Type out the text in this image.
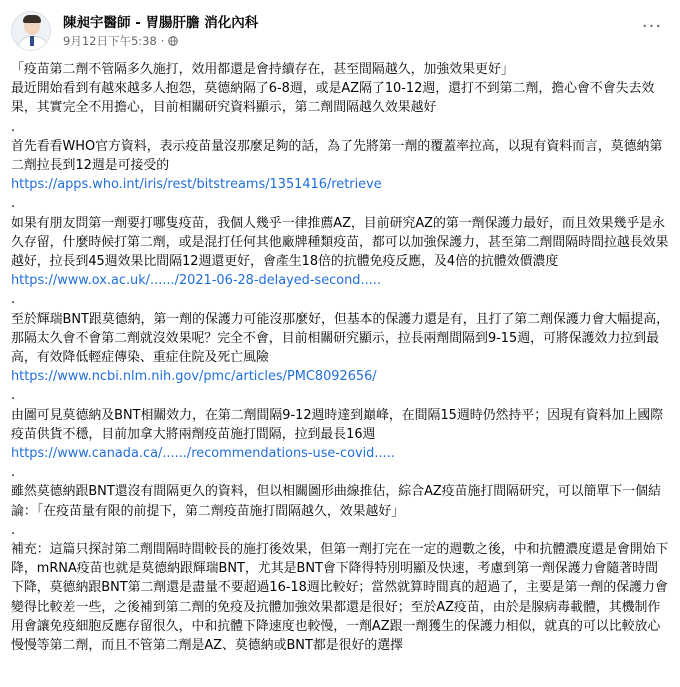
陳昶宇醫師 - 胃腸肝膽 消化內科
9月12日下午5:38 ·
···

「疫苗第二劑不管隔多久施打，效用都還是會持續存在，甚至間隔越久，加強效果更好」

最近開始看到有越來越多人抱怨，莫德納隔了6-8週，或是AZ隔了10-12週，還打不到第二劑，擔心會不會失去效果，其實完全不用擔心，目前相關研究資料顯示，第二劑間隔越久效果越好

.

首先看看WHO官方資料，表示疫苗量沒那麼足夠的話，為了先將第一劑的覆蓋率拉高，以現有資料而言，莫德納第二劑拉長到12週是可接受的

https://apps.who.int/iris/rest/bitstreams/1351416/retrieve

.

如果有朋友問第一劑要打哪隻疫苗，我個人幾乎一律推薦AZ，目前研究AZ的第一劑保護力最好，而且效果幾乎是永久存留，什麼時候打第二劑，或是混打任何其他廠牌種類疫苗，都可以加強保護力，甚至第二劑間隔時間拉越長效果越好，拉長到45週效果比間隔12週還更好，會產生18倍的抗體免疫反應，及4倍的抗體效價濃度 https://www.ox.ac.uk/....../2021-06-28-delayed-second.....

.

至於輝瑞BNT跟莫德納，第一劑的保護力可能沒那麼好，但基本的保護力還是有，且打了第二劑保護力會大幅提高，那隔太久會不會第二劑就沒效果呢？完全不會，目前相關研究顯示，拉長兩劑間隔到9-15週，可將保護效力拉到最高，有效降低輕症傳染、重症住院及死亡風險

https://www.ncbi.nlm.nih.gov/pmc/articles/PMC8092656/

.

由圖可見莫德納及BNT相關效力，在第二劑間隔9-12週時達到巔峰，在間隔15週時仍然持平；因現有資料加上國際疫苗供貨不穩，目前加拿大將兩劑疫苗施打間隔，拉到最長16週

https://www.canada.ca/....../recommendations-use-covid.....

.

雖然莫德納跟BNT還沒有間隔更久的資料，但以相關圖形曲線推估，綜合AZ疫苗施打間隔研究，可以簡單下一個結論：「在疫苗量有限的前提下，第二劑疫苗施打間隔越久，效果越好」

.

補充：這篇只探討第二劑間隔時間較長的施打後效果，但第一劑打完在一定的週數之後，中和抗體濃度還是會開始下降，mRNA疫苗也就是莫德納跟輝瑞BNT，尤其是BNT會下降得特別明顯及快速，考慮到第一劑保護力會隨著時間下降，莫德納跟BNT第二劑還是盡量不要超過16-18週比較好；當然就算時間真的超過了，主要是第一劑的保護力會變得比較差一些，之後補到第二劑的免疫及抗體加強效果都還是很好；至於AZ疫苗，由於是腺病毒載體，其機制作用會讓免疫細胞反應存留很久，中和抗體下降速度也較慢，一劑AZ跟一劑獲生的保護力相似，就真的可以比較放心慢慢等第二劑，而且不管第二劑是AZ、莫德納或BNT都是很好的選擇
